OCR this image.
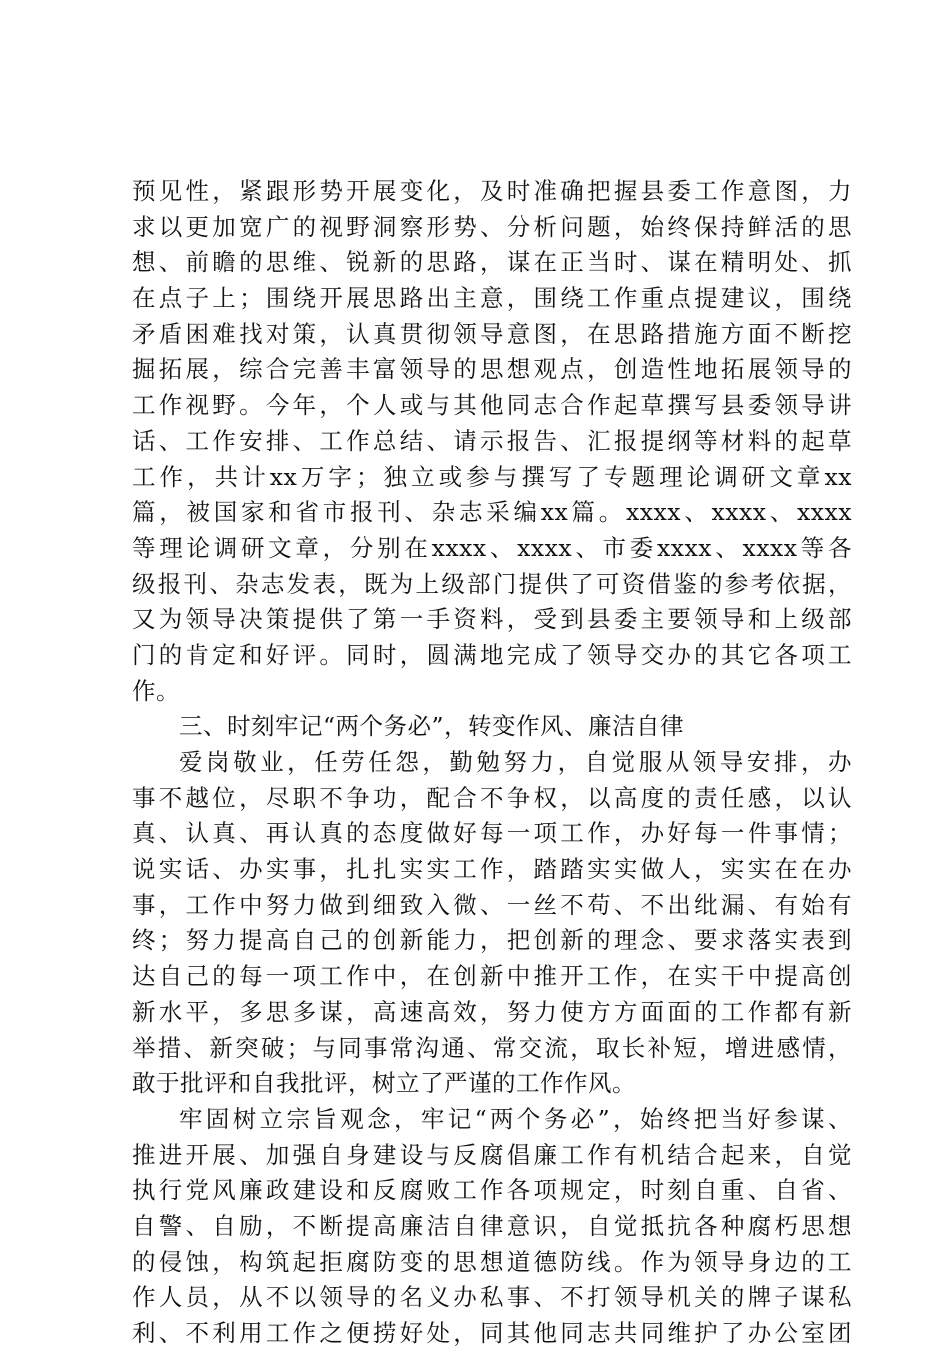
预见性，紧跟形势开展变化，及时准确把握县委工作意图，力
求以更加宽广的视野洞察形势、分析问题，始终保持鲜活的思
想、前瞻的思维、锐新的思路，谋在正当时、谋在精明处、抓
在点子上；围绕开展思路出主意，围绕工作重点提建议，围绕
矛盾困难找对策，认真贯彻领导意图，在思路措施方面不断挖
掘拓展，综合完善丰富领导的思想观点，创造性地拓展领导的
工作视野。今年，个人或与其他同志合作起草撰写县委领导讲
话、工作安排、工作总结、请示报告、汇报提纲等材料的起草
工作，共计xx万字；独立或参与撰写了专题理论调研文章xx
篇，被国家和省市报刊、杂志采编xx篇。xxxx、xxxx、xxxx
等理论调研文章，分别在xxxx、xxxx、市委xxxx、xxxx等各
级报刊、杂志发表，既为上级部门提供了可资借鉴的参考依据，
又为领导决策提供了第一手资料，受到县委主要领导和上级部
门的肯定和好评。同时，圆满地完成了领导交办的其它各项工
作。
三、时刻牢记“两个务必”，转变作风、廉洁自律
爱岗敬业，任劳任怨，勤勉努力，自觉服从领导安排，办
事不越位，尽职不争功，配合不争权，以高度的责任感，以认
真、认真、再认真的态度做好每一项工作，办好每一件事情；
说实话、办实事，扎扎实实工作，踏踏实实做人，实实在在办
事，工作中努力做到细致入微、一丝不苟、不出纰漏、有始有
终；努力提高自己的创新能力，把创新的理念、要求落实表到
达自己的每一项工作中，在创新中推开工作，在实干中提高创
新水平，多思多谋，高速高效，努力使方方面面的工作都有新
举措、新突破；与同事常沟通、常交流，取长补短，增进感情，
敢于批评和自我批评，树立了严谨的工作作风。
牢固树立宗旨观念，牢记“两个务必”，始终把当好参谋、
推进开展、加强自身建设与反腐倡廉工作有机结合起来，自觉
执行党风廉政建设和反腐败工作各项规定，时刻自重、自省、
自警、自励，不断提高廉洁自律意识，自觉抵抗各种腐朽思想
的侵蚀，构筑起拒腐防变的思想道德防线。作为领导身边的工
作人员，从不以领导的名义办私事、不打领导机关的牌子谋私
利、不利用工作之便捞好处，同其他同志共同维护了办公室团
